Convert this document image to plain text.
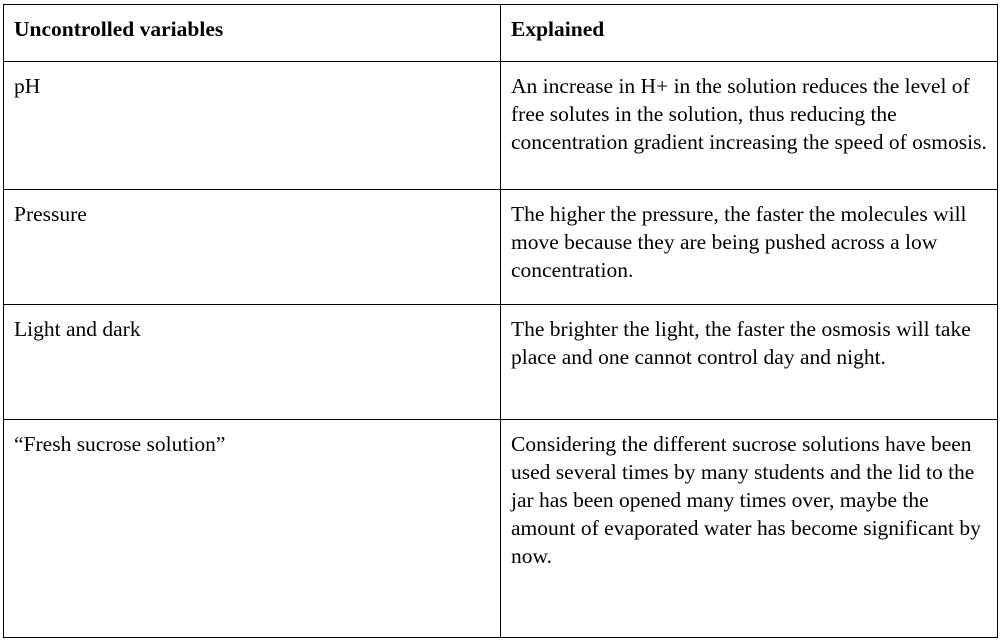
Uncontrolled variables	Explained
pH	An increase in H+ in the solution reduces the level of free solutes in the solution, thus reducing the concentration gradient increasing the speed of osmosis.
Pressure	The higher the pressure, the faster the molecules will move because they are being pushed across a low concentration.
Light and dark	The brighter the light, the faster the osmosis will take place and one cannot control day and night.
“Fresh sucrose solution”	Considering the different sucrose solutions have been used several times by many students and the lid to the jar has been opened many times over, maybe the amount of evaporated water has become significant by now.
